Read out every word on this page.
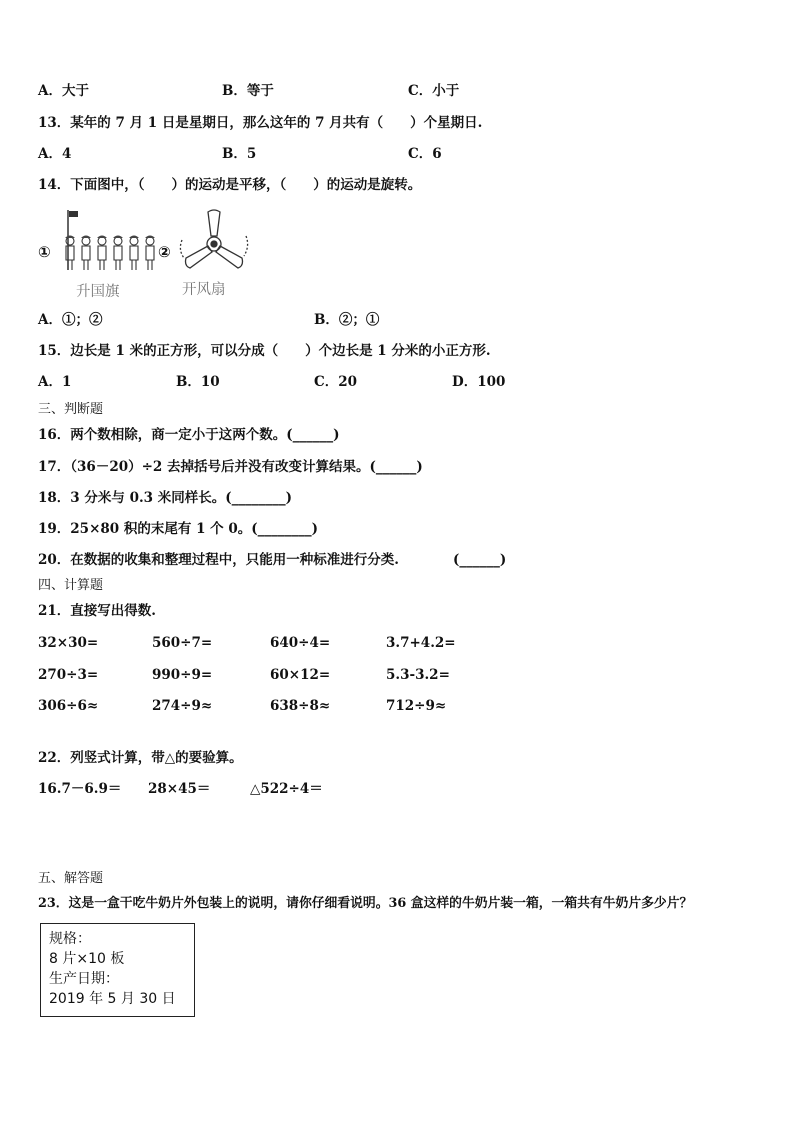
A．大于	B．等于	C．小于
13．某年的 7 月 1 日是星期日，那么这年的 7 月共有（　　）个星期日.
A．4	B．5	C．6
14．下面图中，（　　）的运动是平移，（　　）的运动是旋转。
①
升国旗
②
开风扇
A．①；②	B．②；①
15．边长是 1 米的正方形，可以分成（　　）个边长是 1 分米的小正方形.
A．1	B．10	C．20	D．100
三、判断题
16．两个数相除，商一定小于这两个数。(______)
17．（36－20）÷2 去掉括号后并没有改变计算结果。(______)
18．3 分米与 0.3 米同样长。(________)
19．25×80 积的末尾有 1 个 0。(________)
20．在数据的收集和整理过程中，只能用一种标准进行分类.　　　　(______)
四、计算题
21．直接写出得数.
32×30=	560÷7=	640÷4=	3.7+4.2=
270÷3=	990÷9=	60×12=	5.3-3.2=
306÷6≈	274÷9≈	638÷8≈	712÷9≈
22．列竖式计算，带△的要验算。
16.7－6.9＝ 28×45＝	△522÷4＝
五、解答题
23．这是一盒干吃牛奶片外包装上的说明，请你仔细看说明。36 盒这样的牛奶片装一箱，一箱共有牛奶片多少片？
规格：
8 片×10 板
生产日期：
2019 年 5 月 30 日
